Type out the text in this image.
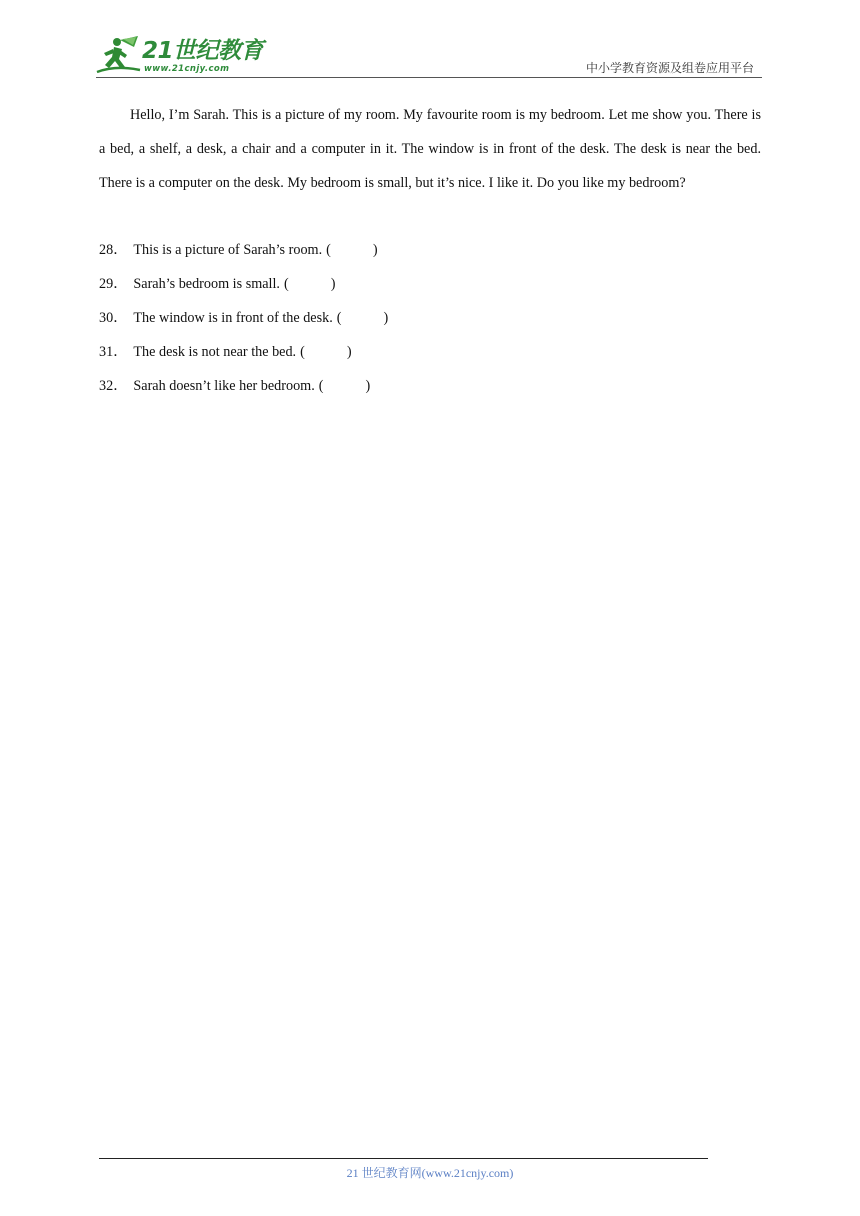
21世纪教育
www.21cnjy.com	中小学教育资源及组卷应用平台

Hello, I’m Sarah. This is a picture of my room. My favourite room is my bedroom. Let me show you. There is a bed, a shelf, a desk, a chair and a computer in it. The window is in front of the desk. The desk is near the bed. There is a computer on the desk. My bedroom is small, but it’s nice. I like it. Do you like my bedroom?

28． This is a picture of Sarah’s room. (	)
29． Sarah’s bedroom is small. (	)
30． The window is in front of the desk. (	)
31． The desk is not near the bed. (	)
32． Sarah doesn’t like her bedroom. (	)
21 世纪教育网(www.21cnjy.com)
